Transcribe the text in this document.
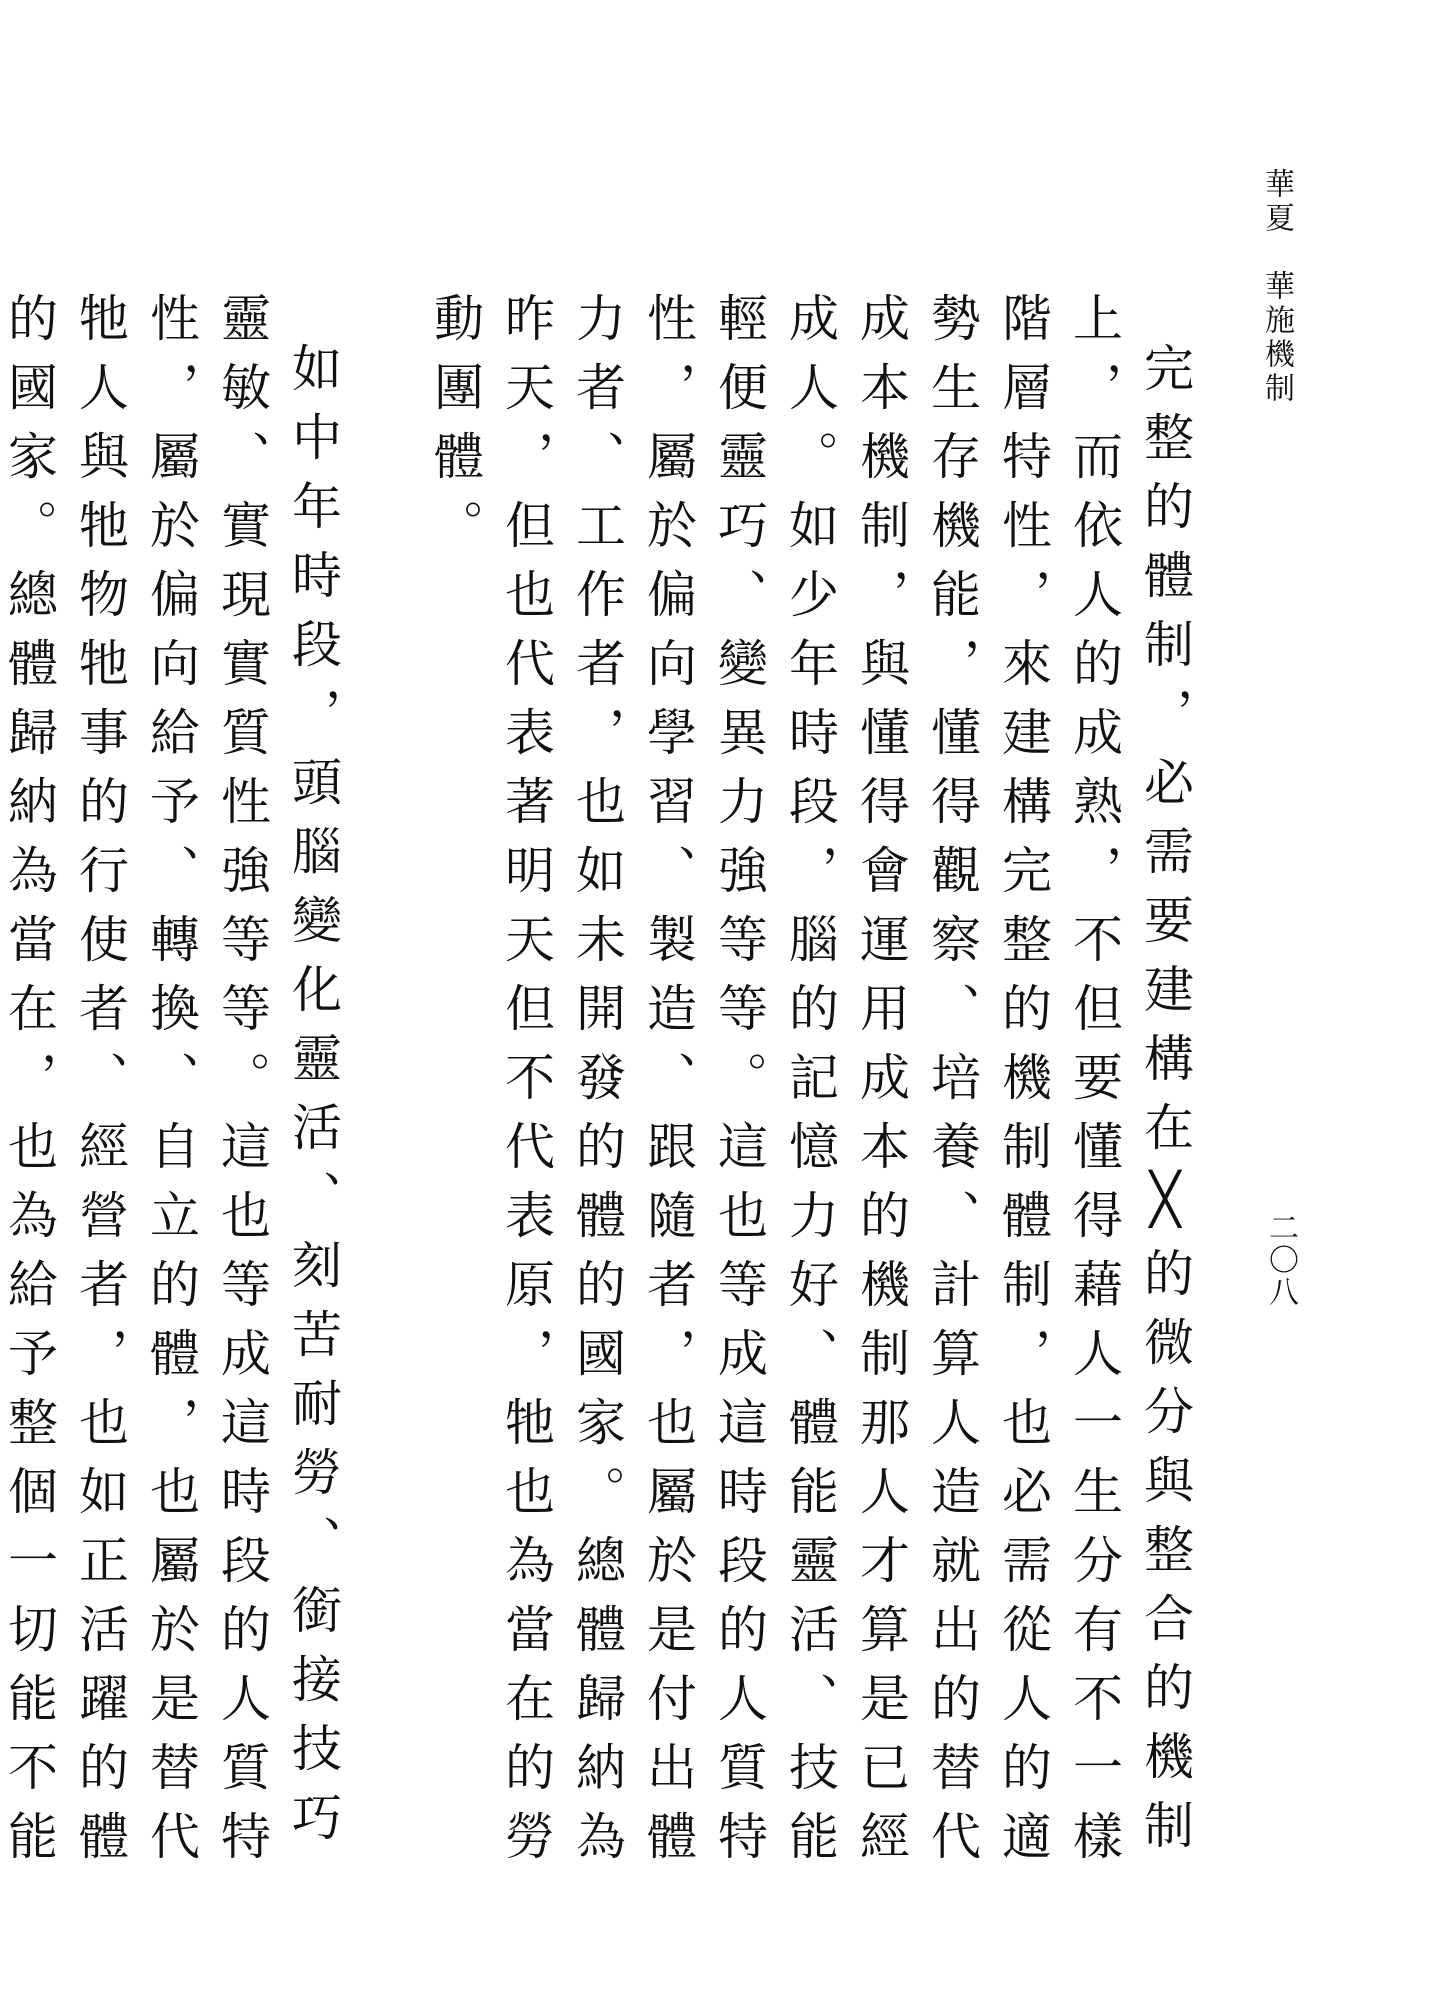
華夏　華施機制
二〇八

完整的體制，必需要建構在╳的微分與整合的機制上，而依人的成熟，不但要懂得藉人一生分有不一樣階層特性，來建構完整的機制體制，也必需從人的適勢生存機能，懂得觀察、培養、計算人造就出的替代成本機制，與懂得會運用成本的機制那人才算是已經成人。如少年時段，腦的記憶力好、體能靈活、技能輕便靈巧、變異力強等等。這也等成這時段的人質特性，屬於偏向學習、製造、跟隨者，也屬於是付出體力者、工作者，也如未開發的體的國家。總體歸納為昨天，但也代表著明天但不代表原，牠也為當在的勞動團體。

如中年時段，頭腦變化靈活、刻苦耐勞、銜接技巧靈敏、實現實質性強等等。這也等成這時段的人質特性，屬於偏向給予、轉換、自立的體，也屬於是替代牠人與牠物牠事的行使者、經營者，也如正活躍的體的國家。總體歸納為當在，也為給予整個一切能不能
